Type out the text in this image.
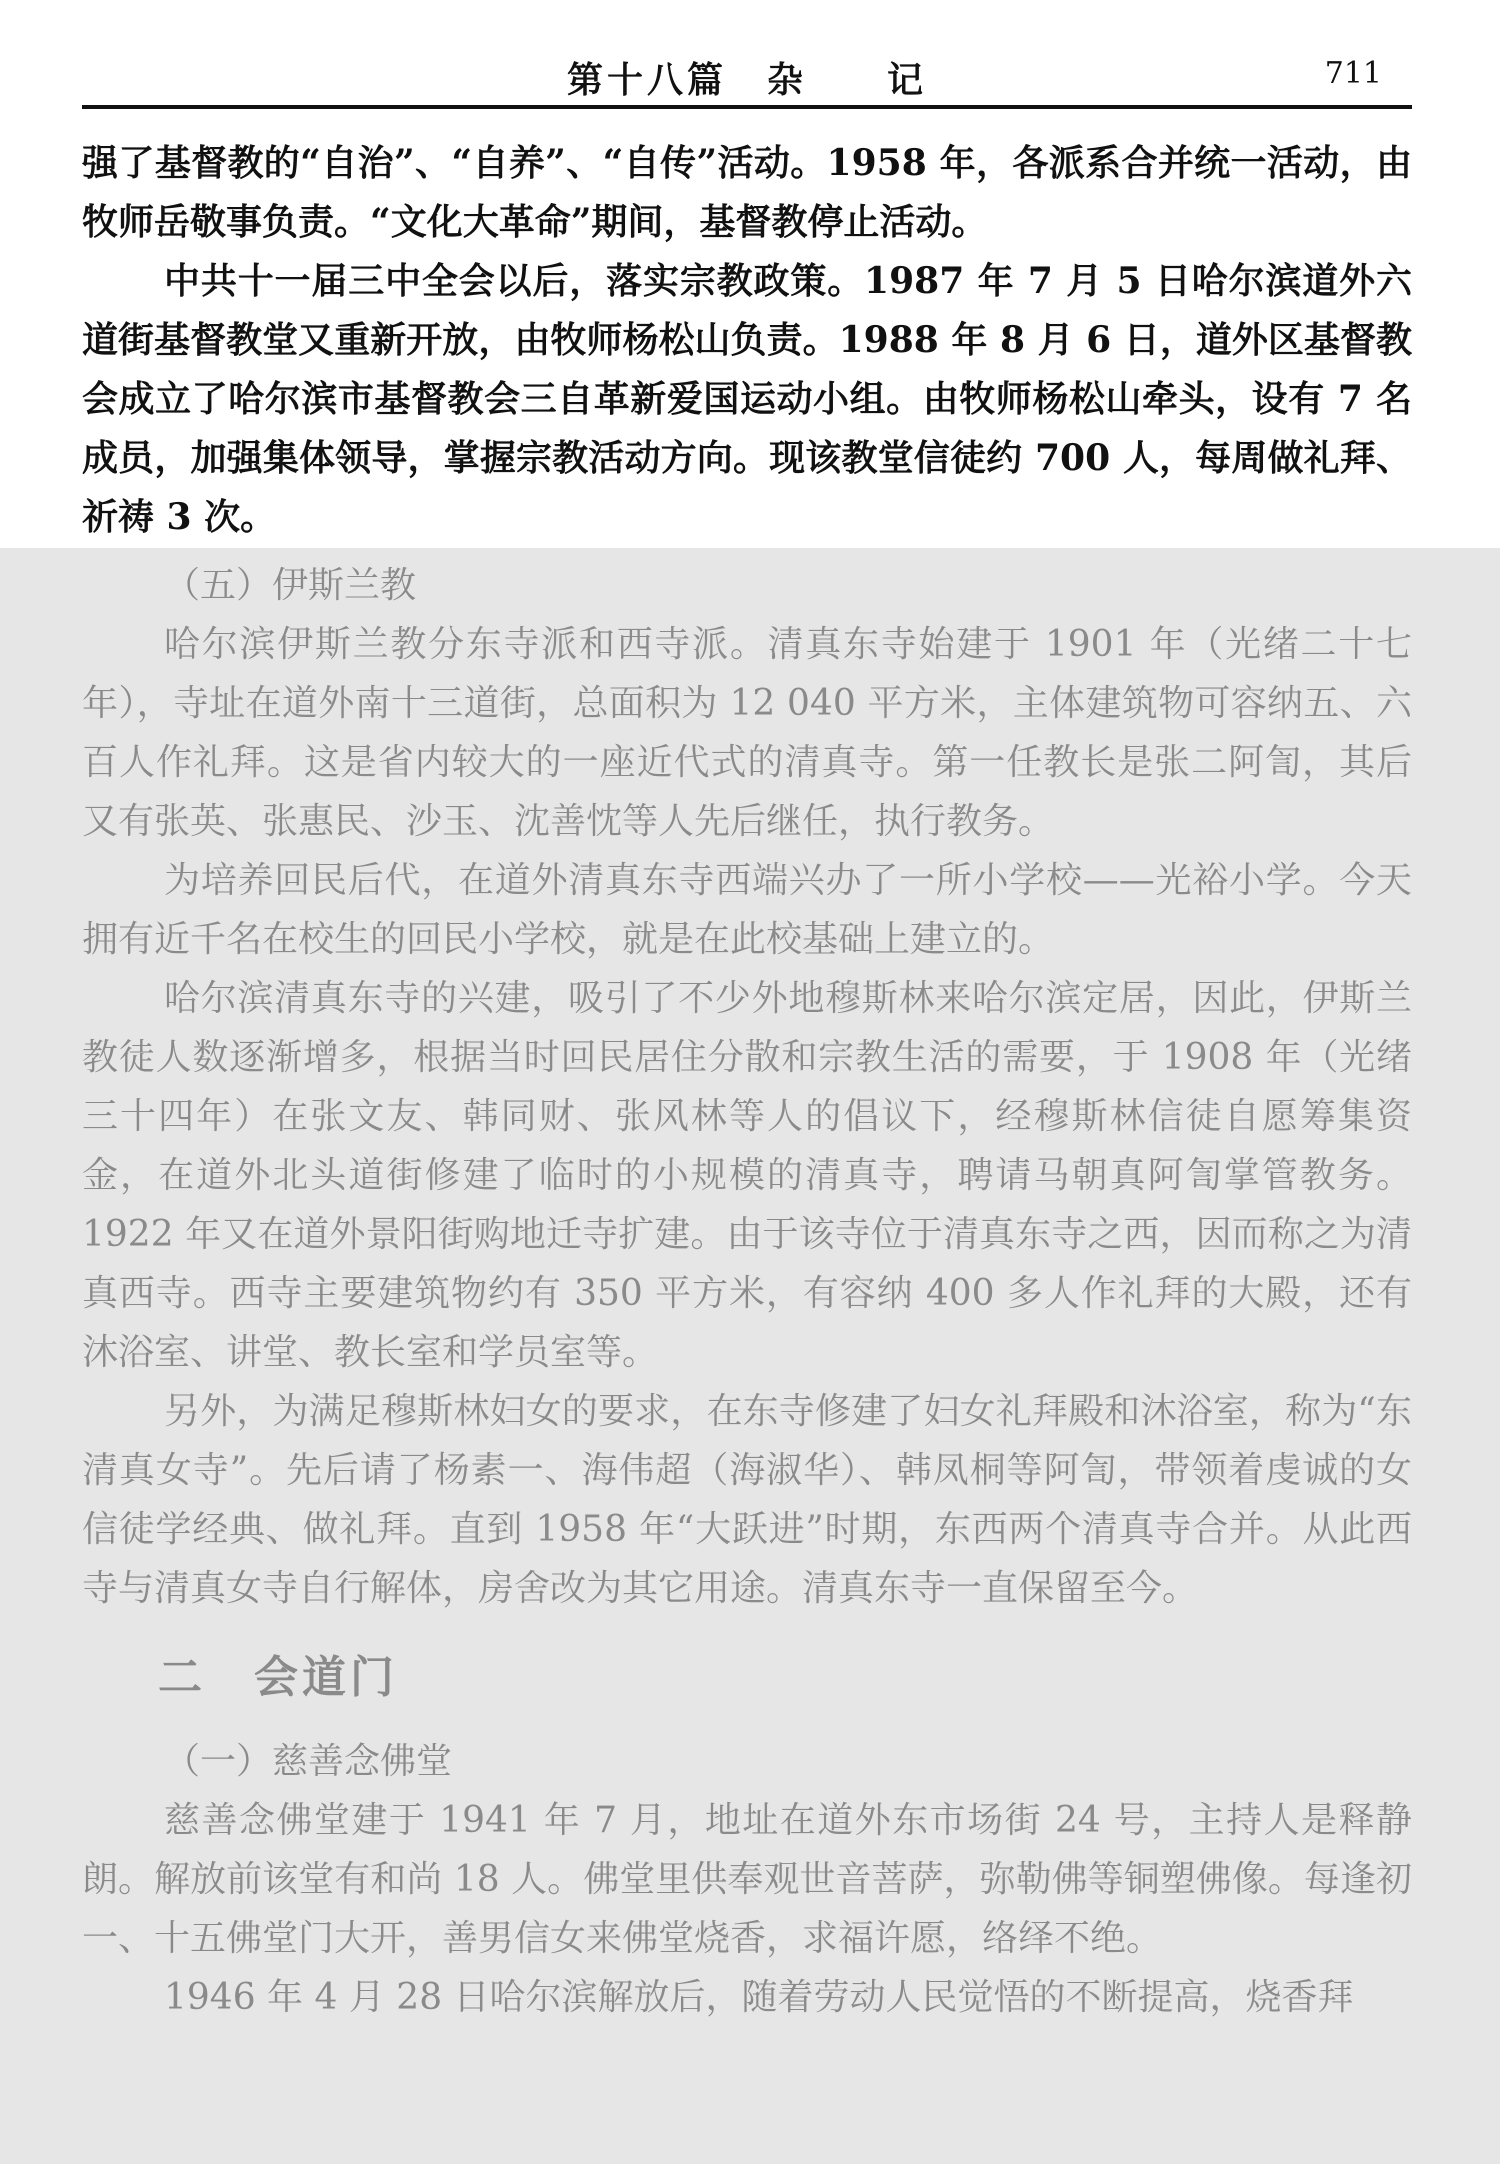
第十八篇　杂　　记	711

强了基督教的“自治”、“自养”、“自传”活动。1958 年，各派系合并统一活动，由牧师岳敬事负责。“文化大革命”期间，基督教停止活动。

中共十一届三中全会以后，落实宗教政策。1987 年 7 月 5 日哈尔滨道外六道街基督教堂又重新开放，由牧师杨松山负责。1988 年 8 月 6 日，道外区基督教会成立了哈尔滨市基督教会三自革新爱国运动小组。由牧师杨松山牵头，设有 7 名成员，加强集体领导，掌握宗教活动方向。现该教堂信徒约 700 人，每周做礼拜、祈祷 3 次。

（五）伊斯兰教

哈尔滨伊斯兰教分东寺派和西寺派。清真东寺始建于 1901 年（光绪二十七年），寺址在道外南十三道街，总面积为 12 040 平方米，主体建筑物可容纳五、六百人作礼拜。这是省内较大的一座近代式的清真寺。第一任教长是张二阿訇，其后又有张英、张惠民、沙玉、沈善忱等人先后继任，执行教务。

为培养回民后代，在道外清真东寺西端兴办了一所小学校——光裕小学。今天拥有近千名在校生的回民小学校，就是在此校基础上建立的。

哈尔滨清真东寺的兴建，吸引了不少外地穆斯林来哈尔滨定居，因此，伊斯兰教徒人数逐渐增多，根据当时回民居住分散和宗教生活的需要，于 1908 年（光绪三十四年）在张文友、韩同财、张风林等人的倡议下，经穆斯林信徒自愿筹集资金，在道外北头道街修建了临时的小规模的清真寺，聘请马朝真阿訇掌管教务。1922 年又在道外景阳街购地迁寺扩建。由于该寺位于清真东寺之西，因而称之为清真西寺。西寺主要建筑物约有 350 平方米，有容纳 400 多人作礼拜的大殿，还有沐浴室、讲堂、教长室和学员室等。

另外，为满足穆斯林妇女的要求，在东寺修建了妇女礼拜殿和沐浴室，称为“东清真女寺”。先后请了杨素一、海伟超（海淑华）、韩凤桐等阿訇，带领着虔诚的女信徒学经典、做礼拜。直到 1958 年“大跃进”时期，东西两个清真寺合并。从此西寺与清真女寺自行解体，房舍改为其它用途。清真东寺一直保留至今。

二　会道门

（一）慈善念佛堂

慈善念佛堂建于 1941 年 7 月，地址在道外东市场街 24 号，主持人是释静朗。解放前该堂有和尚 18 人。佛堂里供奉观世音菩萨，弥勒佛等铜塑佛像。每逢初一、十五佛堂门大开，善男信女来佛堂烧香，求福许愿，络绎不绝。

1946 年 4 月 28 日哈尔滨解放后，随着劳动人民觉悟的不断提高，烧香拜
